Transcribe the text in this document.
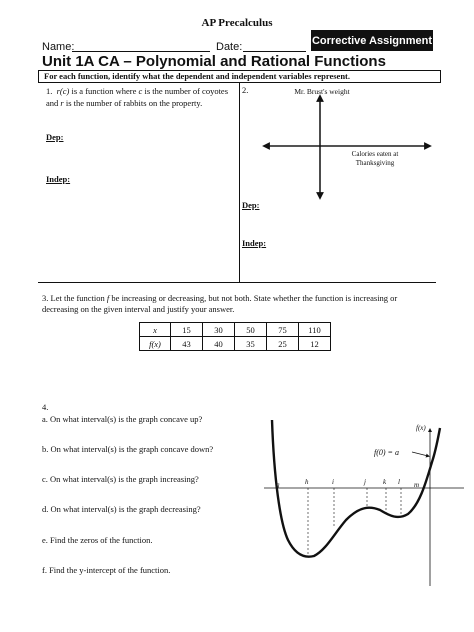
AP Precalculus
Name:	Date:
Corrective Assignment
Unit 1A CA – Polynomial and Rational Functions
For each function, identify what the dependent and independent variables represent.
1. r(c) is a function where c is the number of coyotes and r is the number of rabbits on the property.
Dep:
Indep:
2.	Mr. Brust's weight
Calories eaten at
Thanksgiving
Dep:
Indep:
3. Let the function f be increasing or decreasing, but not both. State whether the function is increasing or decreasing on the given interval and justify your answer.
x	15	30	50	75	110
f(x)	43	40	35	25	12
4.
a. On what interval(s) is the graph concave up?
b. On what interval(s) is the graph concave down?
c. On what interval(s) is the graph increasing?
d. On what interval(s) is the graph decreasing?
e. Find the zeros of the function.
f. Find the y-intercept of the function.
f(0) = a
f(x)
g	h	i	j k l m
